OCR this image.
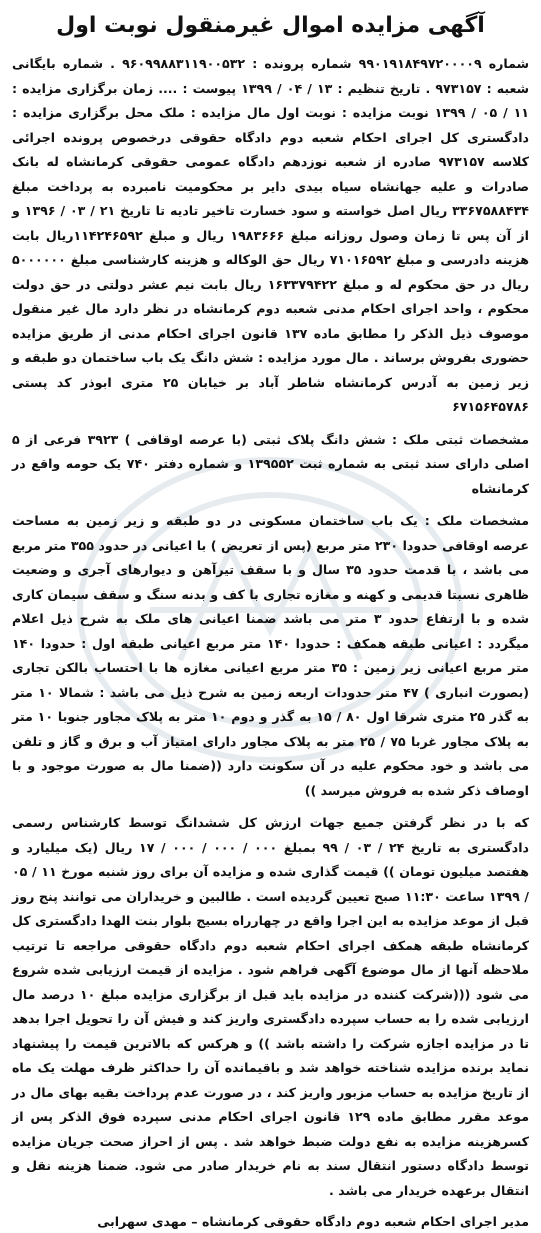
آگهی مزایده اموال غیرمنقول نوبت اول

شماره ۹۹۰۱۹۱۸۴۹۷۲۰۰۰۰۹ شماره پرونده : ۹۶۰۹۹۸۸۳۱۱۹۰۰۵۳۲ . شماره بایگانی شعبه : ۹۷۳۱۵۷ . تاریخ تنظیم : ۱۳ / ۰۴ / ۱۳۹۹ پیوست : .... زمان برگزاری مزایده : ۱۱ / ۰۵ / ۱۳۹۹ نوبت مزایده : نوبت اول مال مزایده : ملک محل برگزاری مزایده : دادگستری کل اجرای احکام شعبه دوم دادگاه حقوقی درخصوص پرونده اجرائی کلاسه ۹۷۳۱۵۷ صادره از شعبه نوزدهم دادگاه عمومی حقوقی کرمانشاه له بانک صادرات و علیه جهانشاه سیاه بیدی دایر بر محکومیت نامبرده به پرداخت مبلغ ۳۳۶۷۵۸۸۴۳۴ ریال اصل خواسته و سود خسارت تاخیر تادیه تا تاریخ ۲۱ / ۰۳ / ۱۳۹۶ و از آن پس تا زمان وصول روزانه مبلغ ۱۹۸۳۶۶۶ ریال و مبلغ ۱۱۴۲۴۶۵۹۲ریال بابت هزینه دادرسی و مبلغ ۷۱۰۱۶۵۹۲ ریال حق الوکاله و هزینه کارشناسی مبلغ ۵۰۰۰۰۰۰ ریال در حق محکوم له و مبلغ ۱۶۳۳۷۹۴۲۲ ریال بابت نیم عشر دولتی در حق دولت محکوم ، واحد اجرای احکام مدنی شعبه دوم کرمانشاه در نظر دارد مال غیر منقول موصوف ذیل الذکر را مطابق ماده ۱۳۷ قانون اجرای احکام مدنی از طریق مزایده حضوری بفروش برساند . مال مورد مزایده : شش دانگ یک باب ساختمان دو طبقه و زیر زمین به آدرس کرمانشاه شاطر آباد بر خیابان ۲۵ متری ابوذر کد پستی ۶۷۱۵۶۴۵۷۸۶

مشخصات ثبتی ملک : شش دانگ پلاک ثبتی (با عرصه اوقافی ) ۳۹۲۳ فرعی از ۵ اصلی دارای سند ثبتی به شماره ثبت ۱۳۹۵۵۲ و شماره دفتر ۷۴۰ یک حومه واقع در کرمانشاه

مشخصات ملک : یک باب ساختمان مسکونی در دو طبقه و زیر زمین به مساحت عرصه اوقافی حدودا ۲۳۰ متر مربع (پس از تعریض ) با اعیانی در حدود ۳۵۵ متر مربع می باشد ، با قدمت حدود ۳۵ سال و با سقف تیرآهن و دیوارهای آجری و وضعیت ظاهری نسبتا قدیمی و کهنه و مغازه تجاری با کف و بدنه سنگ و سقف سیمان کاری شده و با ارتفاع حدود ۳ متر می باشد ضمنا اعیانی های ملک به شرح ذیل اعلام میگردد : اعیانی طبقه همکف : حدودا ۱۴۰ متر مربع اعیانی طبقه اول : حدودا ۱۴۰ متر مربع اعیانی زیر زمین : ۳۵ متر مربع اعیانی مغازه ها با احتساب بالکن تجاری (بصورت انباری ) ۴۷ متر حدودات اربعه زمین به شرح ذیل می باشد : شمالا ۱۰ متر به گذر ۲۵ متری شرقا اول ۸۰ / ۱۵ به گذر و دوم ۱۰ متر به پلاک مجاور جنوبا ۱۰ متر به پلاک مجاور غربا ۷۵ / ۲۵ متر به پلاک مجاور دارای امتیاز آب و برق و گاز و تلفن می باشد و خود محکوم علیه در آن سکونت دارد ((ضمنا مال به صورت موجود و با اوصاف ذکر شده به فروش میرسد ))

که با در نظر گرفتن جمیع جهات ارزش کل ششدانگ توسط کارشناس رسمی دادگستری به تاریخ ۲۴ / ۰۳ / ۹۹ بمبلغ ۰۰۰ / ۰۰۰ / ۰۰۰ / ۱۷ ریال (یک میلیارد و هفتصد میلیون تومان )) قیمت گذاری شده و مزایده آن برای روز شنبه مورخ ۱۱ / ۰۵ / ۱۳۹۹ ساعت ۱۱:۳۰ صبح تعیین گردیده است . طالبین و خریداران می توانند پنج روز قبل از موعد مزایده به این اجرا واقع در چهارراه بسیج بلوار بنت الهدا دادگستری کل کرمانشاه طبقه همکف اجرای احکام شعبه دوم دادگاه حقوقی مراجعه تا ترتیب ملاحظه آنها از مال موضوع آگهی فراهم شود . مزایده از قیمت ارزیابی شده شروع می شود (((شرکت کننده در مزایده باید قبل از برگزاری مزایده مبلغ ۱۰ درصد مال ارزیابی شده را به حساب سپرده دادگستری واریز کند و فیش آن را تحویل اجرا بدهد تا در مزایده اجازه شرکت را داشته باشد )) و هرکس که بالاترین قیمت را پیشنهاد نماید برنده مزایده شناخته خواهد شد و باقیمانده آن را حداکثر ظرف مهلت یک ماه از تاریخ مزایده به حساب مزبور واریز کند ، در صورت عدم پرداخت بقیه بهای مال در موعد مقرر مطابق ماده ۱۲۹ قانون اجرای احکام مدنی سپرده فوق الذکر پس از کسرهزینه مزایده به نفع دولت ضبط خواهد شد . پس از احراز صحت جریان مزایده توسط دادگاه دستور انتقال سند به نام خریدار صادر می شود. ضمنا هزینه نقل و انتقال برعهده خریدار می باشد .

مدیر اجرای احکام شعبه دوم دادگاه حقوقی کرمانشاه – مهدی سهرابی
